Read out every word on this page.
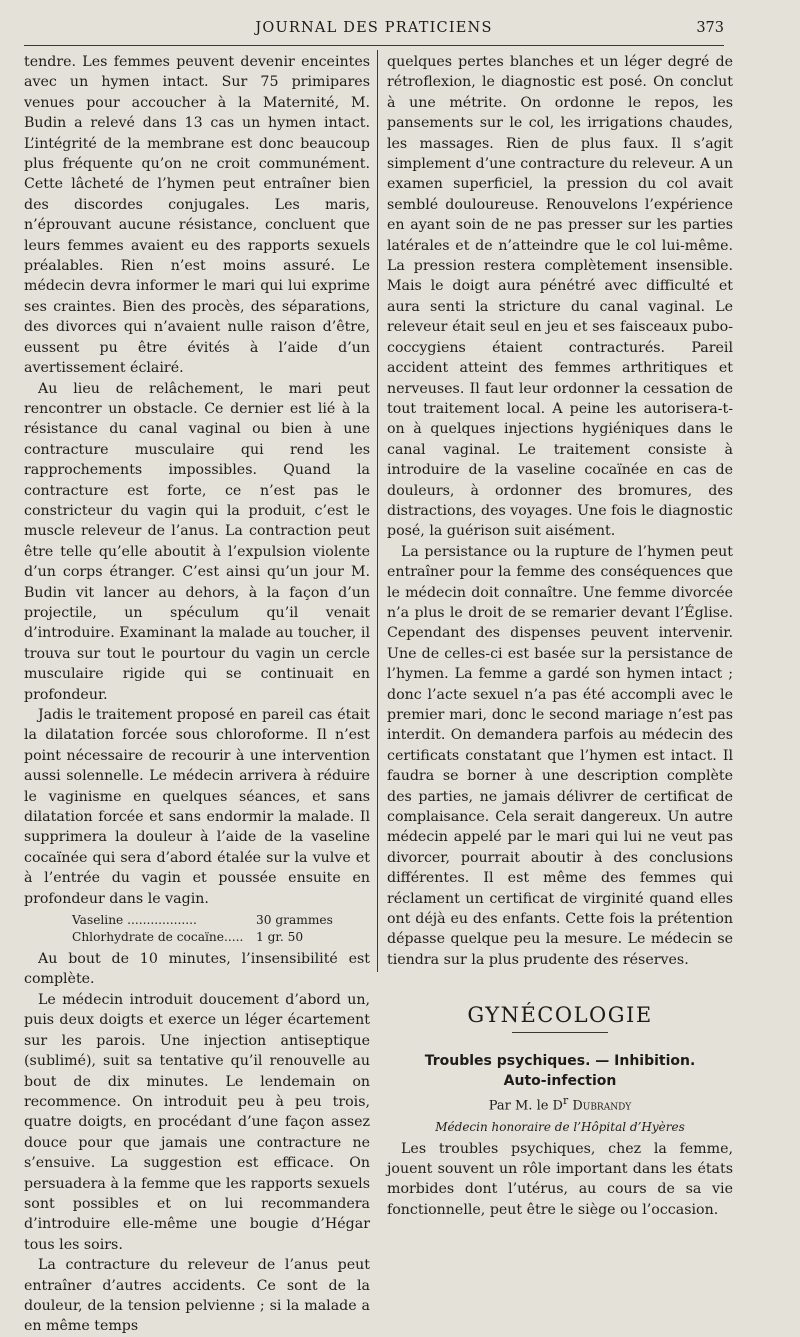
JOURNAL DES PRATICIENS	373

tendre. Les femmes peuvent devenir enceintes avec un hymen intact. Sur 75 primipares venues pour accoucher à la Maternité, M. Budin a relevé dans 13 cas un hymen intact. L’intégrité de la membrane est donc beaucoup plus fréquente qu’on ne croit communément. Cette lâcheté de l’hymen peut entraîner bien des discordes conjugales. Les maris, n’éprouvant aucune résistance, concluent que leurs femmes avaient eu des rapports sexuels préalables. Rien n’est moins assuré. Le médecin devra informer le mari qui lui exprime ses craintes. Bien des procès, des séparations, des divorces qui n’avaient nulle raison d’être, eussent pu être évités à l’aide d’un avertissement éclairé.

Au lieu de relâchement, le mari peut rencontrer un obstacle. Ce dernier est lié à la résistance du canal vaginal ou bien à une contracture musculaire qui rend les rapprochements impossibles. Quand la contracture est forte, ce n’est pas le constricteur du vagin qui la produit, c’est le muscle releveur de l’anus. La contraction peut être telle qu’elle aboutit à l’expulsion violente d’un corps étranger. C’est ainsi qu’un jour M. Budin vit lancer au dehors, à la façon d’un projectile, un spéculum qu’il venait d’introduire. Examinant la malade au toucher, il trouva sur tout le pourtour du vagin un cercle musculaire rigide qui se continuait en profondeur.

Jadis le traitement proposé en pareil cas était la dilatation forcée sous chloroforme. Il n’est point nécessaire de recourir à une intervention aussi solennelle. Le médecin arrivera à réduire le vaginisme en quelques séances, et sans dilatation forcée et sans endormir la malade. Il supprimera la douleur à l’aide de la vaseline cocaïnée qui sera d’abord étalée sur la vulve et à l’entrée du vagin et poussée ensuite en profondeur dans le vagin.

Vaseline ..................	30 grammes
Chlorhydrate de cocaïne.....	1 gr. 50

Au bout de 10 minutes, l’insensibilité est complète.

Le médecin introduit doucement d’abord un, puis deux doigts et exerce un léger écartement sur les parois. Une injection antiseptique (sublimé), suit sa tentative qu’il renouvelle au bout de dix minutes. Le lendemain on recommence. On introduit peu à peu trois, quatre doigts, en procédant d’une façon assez douce pour que jamais une contracture ne s’ensuive. La suggestion est efficace. On persuadera à la femme que les rapports sexuels sont possibles et on lui recommandera d’introduire elle-même une bougie d’Hégar tous les soirs.

La contracture du releveur de l’anus peut entraîner d’autres accidents. Ce sont de la douleur, de la tension pelvienne ; si la malade a en même temps

quelques pertes blanches et un léger degré de rétroflexion, le diagnostic est posé. On conclut à une métrite. On ordonne le repos, les pansements sur le col, les irrigations chaudes, les massages. Rien de plus faux. Il s’agit simplement d’une contracture du releveur. A un examen superficiel, la pression du col avait semblé douloureuse. Renouvelons l’expérience en ayant soin de ne pas presser sur les parties latérales et de n’atteindre que le col lui-même. La pression restera complètement insensible. Mais le doigt aura pénétré avec difficulté et aura senti la stricture du canal vaginal. Le releveur était seul en jeu et ses faisceaux pubo-coccygiens étaient contracturés. Pareil accident atteint des femmes arthritiques et nerveuses. Il faut leur ordonner la cessation de tout traitement local. A peine les autorisera-t-on à quelques injections hygiéniques dans le canal vaginal. Le traitement consiste à introduire de la vaseline cocaïnée en cas de douleurs, à ordonner des bromures, des distractions, des voyages. Une fois le diagnostic posé, la guérison suit aisément.

La persistance ou la rupture de l’hymen peut entraîner pour la femme des conséquences que le médecin doit connaître. Une femme divorcée n’a plus le droit de se remarier devant l’Église. Cependant des dispenses peuvent intervenir. Une de celles-ci est basée sur la persistance de l’hymen. La femme a gardé son hymen intact ; donc l’acte sexuel n’a pas été accompli avec le premier mari, donc le second mariage n’est pas interdit. On demandera parfois au médecin des certificats constatant que l’hymen est intact. Il faudra se borner à une description complète des parties, ne jamais délivrer de certificat de complaisance. Cela serait dangereux. Un autre médecin appelé par le mari qui lui ne veut pas divorcer, pourrait aboutir à des conclusions différentes. Il est même des femmes qui réclament un certificat de virginité quand elles ont déjà eu des enfants. Cette fois la prétention dépasse quelque peu la mesure. Le médecin se tiendra sur la plus prudente des réserves.

GYNÉCOLOGIE
Troubles psychiques. — Inhibition.
Auto-infection
Par M. le $D^r$ Dubrandy
Médecin honoraire de l’Hôpital d’Hyères

Les troubles psychiques, chez la femme, jouent souvent un rôle important dans les états morbides dont l’utérus, au cours de sa vie fonctionnelle, peut être le siège ou l’occasion.
